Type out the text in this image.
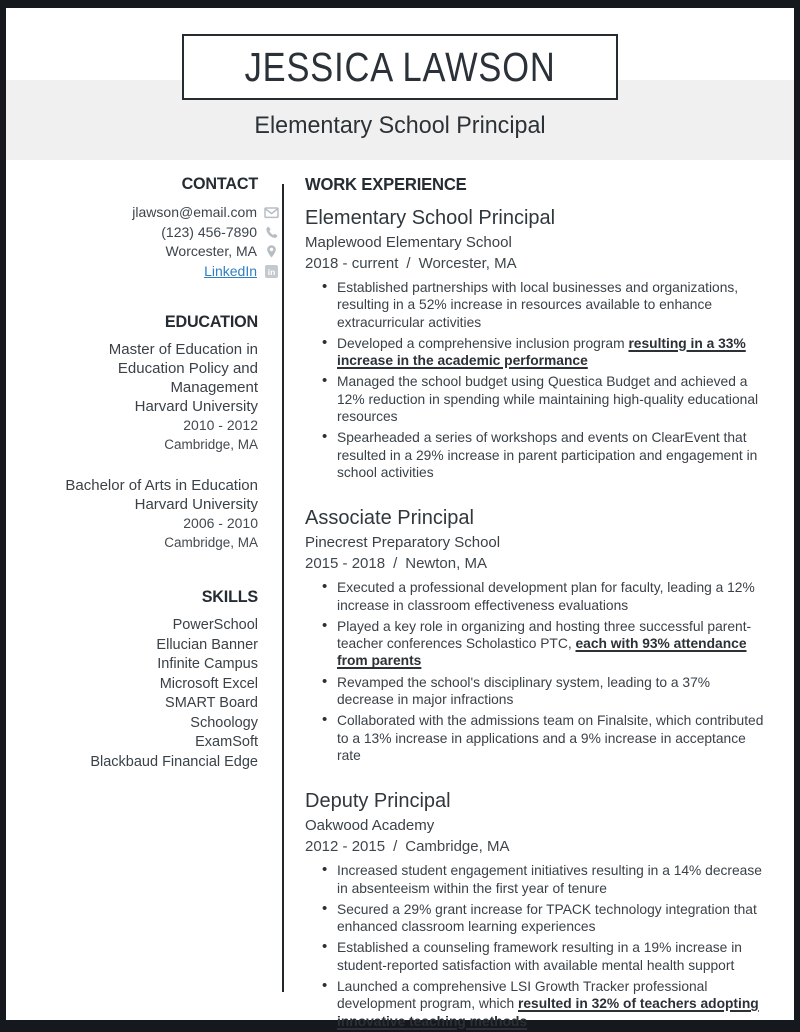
JESSICA LAWSON
Elementary School Principal
CONTACT
jlawson@email.com
(123) 456-7890
Worcester, MA
LinkedIn in
EDUCATION
Master of Education in Education Policy and Management
Harvard University
2010 - 2012
Cambridge, MA
Bachelor of Arts in Education
Harvard University
2006 - 2010
Cambridge, MA
SKILLS
PowerSchool
Ellucian Banner
Infinite Campus
Microsoft Excel
SMART Board
Schoology
ExamSoft
Blackbaud Financial Edge
WORK EXPERIENCE
Elementary School Principal
Maplewood Elementary School
2018 - current / Worcester, MA
• Established partnerships with local businesses and organizations, resulting in a 52% increase in resources available to enhance extracurricular activities
• Developed a comprehensive inclusion program resulting in a 33% increase in the academic performance
• Managed the school budget using Questica Budget and achieved a 12% reduction in spending while maintaining high-quality educational resources
• Spearheaded a series of workshops and events on ClearEvent that resulted in a 29% increase in parent participation and engagement in school activities
Associate Principal
Pinecrest Preparatory School
2015 - 2018 / Newton, MA
• Executed a professional development plan for faculty, leading a 12% increase in classroom effectiveness evaluations
• Played a key role in organizing and hosting three successful parent-teacher conferences Scholastico PTC, each with 93% attendance from parents
• Revamped the school's disciplinary system, leading to a 37% decrease in major infractions
• Collaborated with the admissions team on Finalsite, which contributed to a 13% increase in applications and a 9% increase in acceptance rate
Deputy Principal
Oakwood Academy
2012 - 2015 / Cambridge, MA
• Increased student engagement initiatives resulting in a 14% decrease in absenteeism within the first year of tenure
• Secured a 29% grant increase for TPACK technology integration that enhanced classroom learning experiences
• Established a counseling framework resulting in a 19% increase in student-reported satisfaction with available mental health support
• Launched a comprehensive LSI Growth Tracker professional development program, which resulted in 32% of teachers adopting innovative teaching methods
